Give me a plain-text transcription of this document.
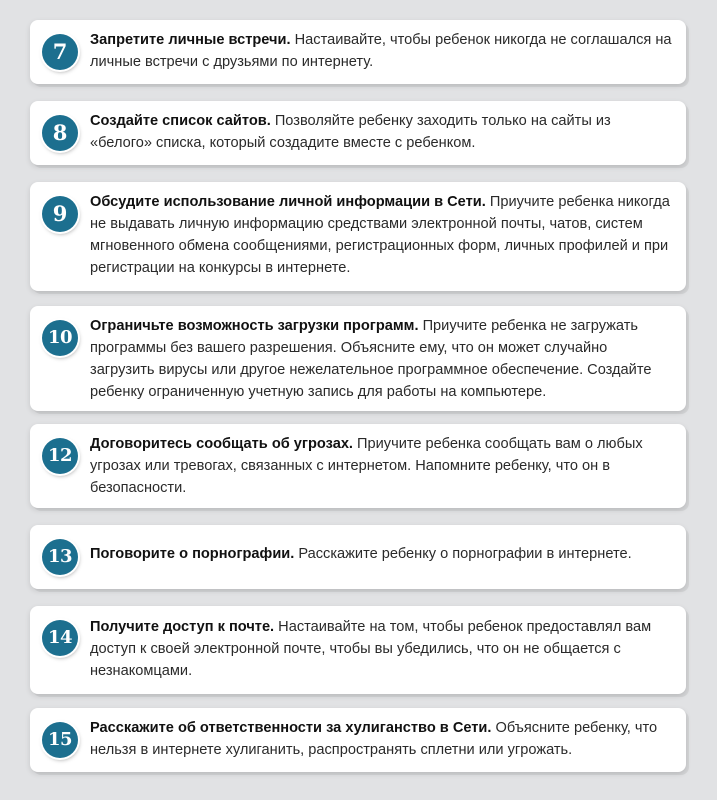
7	Запретите личные встречи. Настаивайте, чтобы ребенок никогда не соглашался на личные встречи с друзьями по интернету.
8	Создайте список сайтов. Позволяйте ребенку заходить только на сайты из «белого» списка, который создадите вместе с ребенком.
9	Обсудите использование личной информации в Сети. Приучите ребенка никогда не выдавать личную информацию средствами электронной почты, чатов, систем мгновенного обмена сообщениями, регистрационных форм, личных профилей и при регистрации на конкурсы в интернете.
10
Ограничьте возможность загрузки программ. Приучите ребенка не загружать программы без вашего разрешения. Объясните ему, что он может случайно загрузить вирусы или другое нежелательное программное обеспечение. Создайте ребенку ограниченную учетную запись для работы на компьютере.
12
Договоритесь сообщать об угрозах. Приучите ребенка сообщать вам о любых угрозах или тревогах, связанных с интернетом. Напомните ребенку, что он в безопасности.
13	Поговорите о порнографии. Расскажите ребенку о порнографии в интернете.
14	Получите доступ к почте. Настаивайте на том, чтобы ребенок предоставлял вам доступ к своей электронной почте, чтобы вы убедились, что он не общается с незнакомцами.
15
Расскажите об ответственности за хулиганство в Сети. Объясните ребенку, что нельзя в интернете хулиганить, распространять сплетни или угрожать.
